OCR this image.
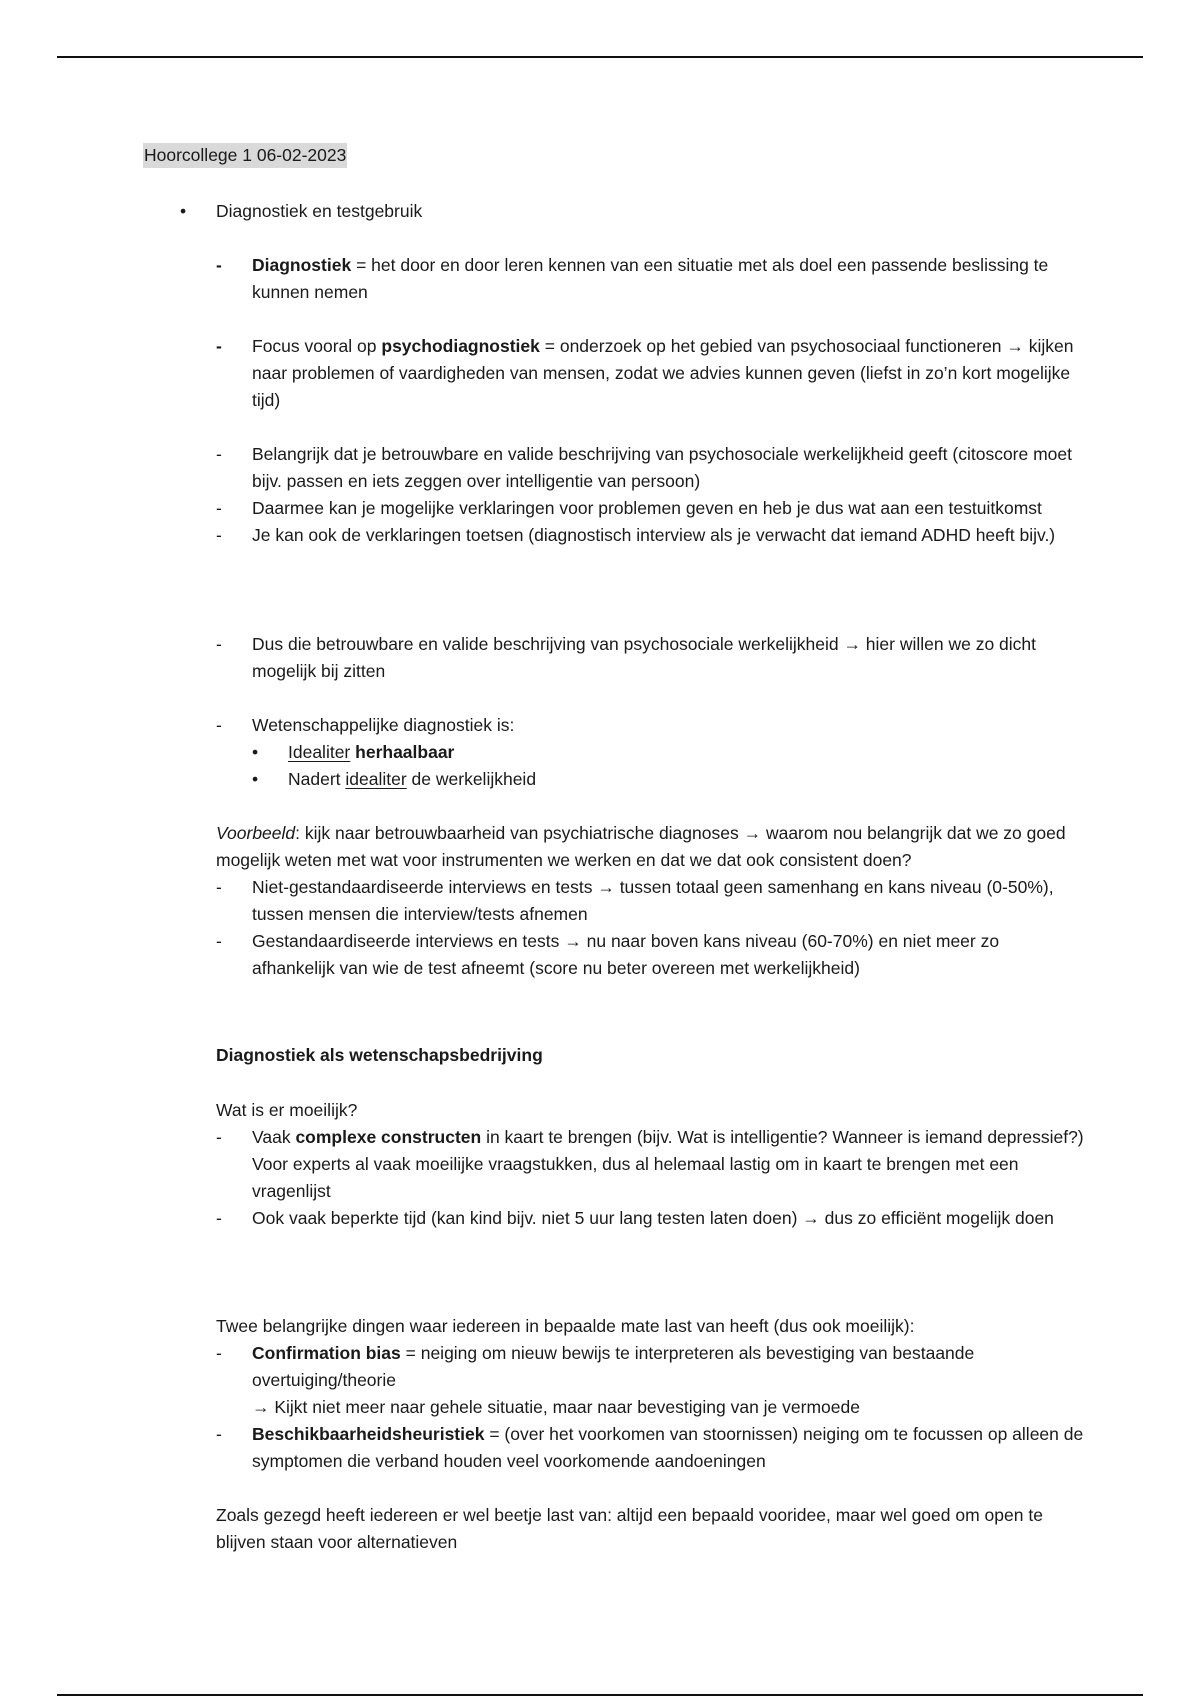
Hoorcollege 1 06-02-2023
• Diagnostiek en testgebruik

- Diagnostiek = het door en door leren kennen van een situatie met als doel een passende beslissing te kunnen nemen

- Focus vooral op psychodiagnostiek = onderzoek op het gebied van psychosociaal functioneren → kijken naar problemen of vaardigheden van mensen, zodat we advies kunnen geven (liefst in zo’n kort mogelijke tijd)

- Belangrijk dat je betrouwbare en valide beschrijving van psychosociale werkelijkheid geeft (citoscore moet bijv. passen en iets zeggen over intelligentie van persoon)

- Daarmee kan je mogelijke verklaringen voor problemen geven en heb je dus wat aan een testuitkomst

- Je kan ook de verklaringen toetsen (diagnostisch interview als je verwacht dat iemand ADHD heeft bijv.)

- Dus die betrouwbare en valide beschrijving van psychosociale werkelijkheid → hier willen we zo dicht mogelijk bij zitten

- Wetenschappelijke diagnostiek is:

• Idealiter herhaalbaar
• Nadert idealiter de werkelijkheid

Voorbeeld: kijk naar betrouwbaarheid van psychiatrische diagnoses → waarom nou belangrijk dat we zo goed mogelijk weten met wat voor instrumenten we werken en dat we dat ook consistent doen?

- Niet-gestandaardiseerde interviews en tests → tussen totaal geen samenhang en kans niveau (0-50%), tussen mensen die interview/tests afnemen

- Gestandaardiseerde interviews en tests → nu naar boven kans niveau (60-70%) en niet meer zo afhankelijk van wie de test afneemt (score nu beter overeen met werkelijkheid)

Diagnostiek als wetenschapsbedrijving

Wat is er moeilijk?

- Vaak complexe constructen in kaart te brengen (bijv. Wat is intelligentie? Wanneer is iemand depressief?)
Voor experts al vaak moeilijke vraagstukken, dus al helemaal lastig om in kaart te brengen met een vragenlijst

- Ook vaak beperkte tijd (kan kind bijv. niet 5 uur lang testen laten doen) → dus zo efficiënt mogelijk doen

Twee belangrijke dingen waar iedereen in bepaalde mate last van heeft (dus ook moeilijk):

- Confirmation bias = neiging om nieuw bewijs te interpreteren als bevestiging van bestaande overtuiging/theorie
→ Kijkt niet meer naar gehele situatie, maar naar bevestiging van je vermoede

- Beschikbaarheidsheuristiek = (over het voorkomen van stoornissen) neiging om te focussen op alleen de symptomen die verband houden veel voorkomende aandoeningen

Zoals gezegd heeft iedereen er wel beetje last van: altijd een bepaald vooridee, maar wel goed om open te blijven staan voor alternatieven
